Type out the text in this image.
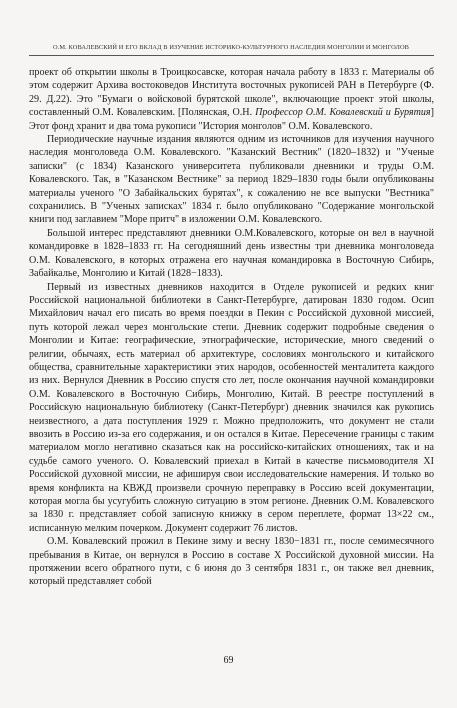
О.М. КОВАЛЕВСКИЙ И ЕГО ВКЛАД В ИЗУЧЕНИЕ ИСТОРИКО-КУЛЬТУРНОГО НАСЛЕДИЯ МОНГОЛИИ И МОНГОЛОВ

проект об открытии школы в Троицкосавске, которая начала работу в 1833 г. Материалы об этом содержит Архива востоковедов Института восточных рукописей РАН в Петербурге (Ф. 29. Д.22). Это "Бумаги о войсковой бурятской школе", включающие проект этой школы, составленный О.М. Ковалевским. [Полянская, О.Н. Профессор О.М. Ковалевский и Бурятия] Этот фонд хранит и два тома рукописи "История монголов" О.М. Ковалевского.

Периодические научные издания являются одним из источников для изучения научного наследия монголоведа О.М. Ковалевского. "Казанский Вестник" (1820–1832) и "Ученые записки" (с 1834) Казанского университета публиковали дневники и труды О.М. Ковалевского. Так, в "Казанском Вестнике" за период 1829–1830 годы были опубликованы материалы ученого "О Забайкальских бурятах", к сожалению не все выпуски "Вестника" сохранились. В "Ученых записках" 1834 г. было опубликовано "Содержание монгольской книги под заглавием "Море притч" в изложении О.М. Ковалевского.

Большой интерес представляют дневники О.М.Ковалевского, которые он вел в научной командировке в 1828–1833 гг. На сегодняшний день известны три дневника монголоведа О.М. Ковалевского, в которых отражена его научная командировка в Восточную Сибирь, Забайкалье, Монголию и Китай (1828−1833).

Первый из известных дневников находится в Отделе рукописей и редких книг Российской национальной библиотеки в Санкт-Петербурге, датирован 1830 годом. Осип Михайлович начал его писать во время поездки в Пекин с Российской духовной миссией, путь которой лежал через монгольские степи. Дневник содержит подробные сведения о Монголии и Китае: географические, этнографические, исторические, много сведений о религии, обычаях, есть материал об архитектуре, сословиях монгольского и китайского общества, сравнительные характеристики этих народов, особенностей менталитета каждого из них. Вернулся Дневник в Россию спустя сто лет, после окончания научной командировки О.М. Ковалевского в Восточную Сибирь, Монголию, Китай. В реестре поступлений в Российскую национальную библиотеку (Санкт-Петербург) дневник значился как рукопись неизвестного, а дата поступления 1929 г. Можно предположить, что документ не стали ввозить в Россию из-за его содержания, и он остался в Китае. Пересечение границы с таким материалом могло негативно сказаться как на российско-китайских отношениях, так и на судьбе самого ученого. О. Ковалевский приехал в Китай в качестве письмоводителя XI Российской духовной миссии, не афишируя свои исследовательские намерения. И только во время конфликта на КВЖД произвели срочную переправку в Россию всей документации, которая могла бы усугубить сложную ситуацию в этом регионе. Дневник О.М. Ковалевского за 1830 г. представляет собой записную книжку в сером переплете, формат 13×22 см., исписанную мелким почерком. Документ содержит 76 листов.

О.М. Ковалевский прожил в Пекине зиму и весну 1830−1831 гг., после семимесячного пребывания в Китае, он вернулся в Россию в составе X Российской духовной миссии. На протяжении всего обратного пути, с 6 июня до 3 сентября 1831 г., он также вел дневник, который представляет собой

69
